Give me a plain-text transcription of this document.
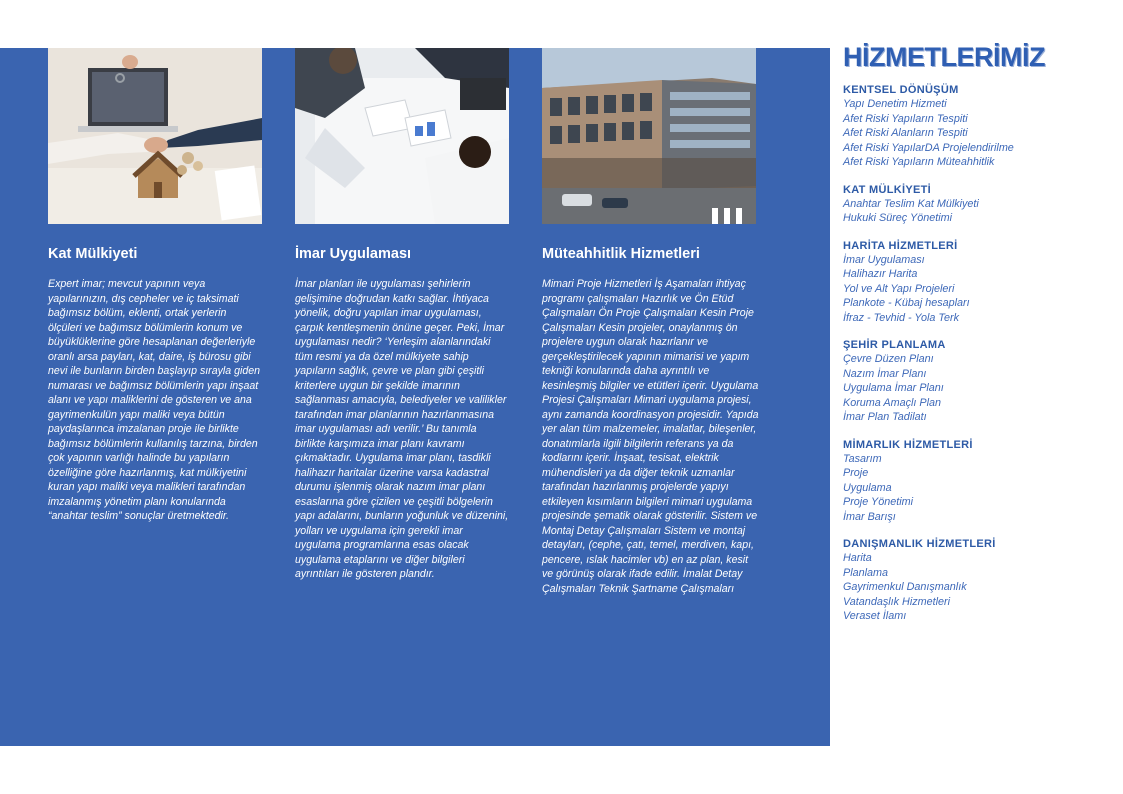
Kat Mülkiyeti

Expert imar; mevcut yapının veya yapılarınızın, dış cepheler ve iç taksimati bağımsız bölüm, eklenti, ortak yerlerin ölçüleri ve bağımsız bölümlerin konum ve büyüklüklerine göre hesaplanan değerleriyle oranlı arsa payları, kat, daire, iş bürosu gibi nevi ile bunların birden başlayıp sırayla giden numarası ve bağımsız bölümlerin yapı inşaat alanı ve yapı maliklerini de gösteren ve ana gayrimenkulün yapı maliki veya bütün paydaşlarınca imzalanan proje ile birlikte bağımsız bölümlerin kullanılış tarzına, birden çok yapının varlığı halinde bu yapıların özelliğine göre hazırlanmış, kat mülkiyetini kuran yapı maliki veya malikleri tarafından imzalanmış yönetim planı konularında “anahtar teslim” sonuçlar üretmektedir.

İmar Uygulaması

İmar planları ile uygulaması şehirlerin gelişimine doğrudan katkı sağlar. İhtiyaca yönelik, doğru yapılan imar uygulaması, çarpık kentleşmenin önüne geçer. Peki, İmar uygulaması nedir? ‘Yerleşim alanlarındaki tüm resmi ya da özel mülkiyete sahip yapıların sağlık, çevre ve plan gibi çeşitli kriterlere uygun bir şekilde imarının sağlanması amacıyla, belediyeler ve valilikler tarafından imar planlarının hazırlanmasına imar uygulaması adı verilir.’ Bu tanımla birlikte karşımıza imar planı kavramı çıkmaktadır. Uygulama imar planı, tasdikli halihazır haritalar üzerine varsa kadastral durumu işlenmiş olarak nazım imar planı esaslarına göre çizilen ve çeşitli bölgelerin yapı adalarını, bunların yoğunluk ve düzenini, yolları ve uygulama için gerekli imar uygulama programlarına esas olacak uygulama etaplarını ve diğer bilgileri ayrıntıları ile gösteren plandır.

Müteahhitlik Hizmetleri

Mimari Proje Hizmetleri İş Aşamaları ihtiyaç programı çalışmaları Hazırlık ve Ön Etüd Çalışmaları Ön Proje Çalışmaları Kesin Proje Çalışmaları Kesin projeler, onaylanmış ön projelere uygun olarak hazırlanır ve gerçekleştirilecek yapının mimarisi ve yapım tekniği konularında daha ayrıntılı ve kesinleşmiş bilgiler ve etütleri içerir. Uygulama Projesi Çalışmaları Mimari uygulama projesi, aynı zamanda koordinasyon projesidir. Yapıda yer alan tüm malzemeler, imalatlar, bileşenler, donatımlarla ilgili bilgilerin referans ya da kodlarını içerir. İnşaat, tesisat, elektrik mühendisleri ya da diğer teknik uzmanlar tarafından hazırlanmış projelerde yapıyı etkileyen kısımların bilgileri mimari uygulama projesinde şematik olarak gösterilir. Sistem ve Montaj Detay Çalışmaları Sistem ve montaj detayları, (cephe, çatı, temel, merdiven, kapı, pencere, ıslak hacimler vb) en az plan, kesit ve görünüş olarak ifade edilir. İmalat Detay Çalışmaları Teknik Şartname Çalışmaları

HİZMETLERİMİZ
KENTSEL DÖNÜŞÜM
Yapı Denetim Hizmeti
Afet Riski Yapıların Tespiti
Afet Riski Alanların Tespiti
Afet Riski YapılarDA Projelendirilme
Afet Riski Yapıların Müteahhitlik
KAT MÜLKİYETİ
Anahtar Teslim Kat Mülkiyeti
Hukuki Süreç Yönetimi
HARİTA HİZMETLERİ
İmar Uygulaması
Halihazır Harita
Yol ve Alt Yapı Projeleri
Plankote - Kübaj hesapları
İfraz - Tevhid - Yola Terk
ŞEHİR PLANLAMA
Çevre Düzen Planı
Nazım İmar Planı
Uygulama İmar Planı
Koruma Amaçlı Plan
İmar Plan Tadilatı
MİMARLIK HİZMETLERİ
Tasarım
Proje
Uygulama
Proje Yönetimi
İmar Barışı
DANIŞMANLIK HİZMETLERİ
Harita
Planlama
Gayrimenkul Danışmanlık
Vatandaşlık Hizmetleri
Veraset İlamı
